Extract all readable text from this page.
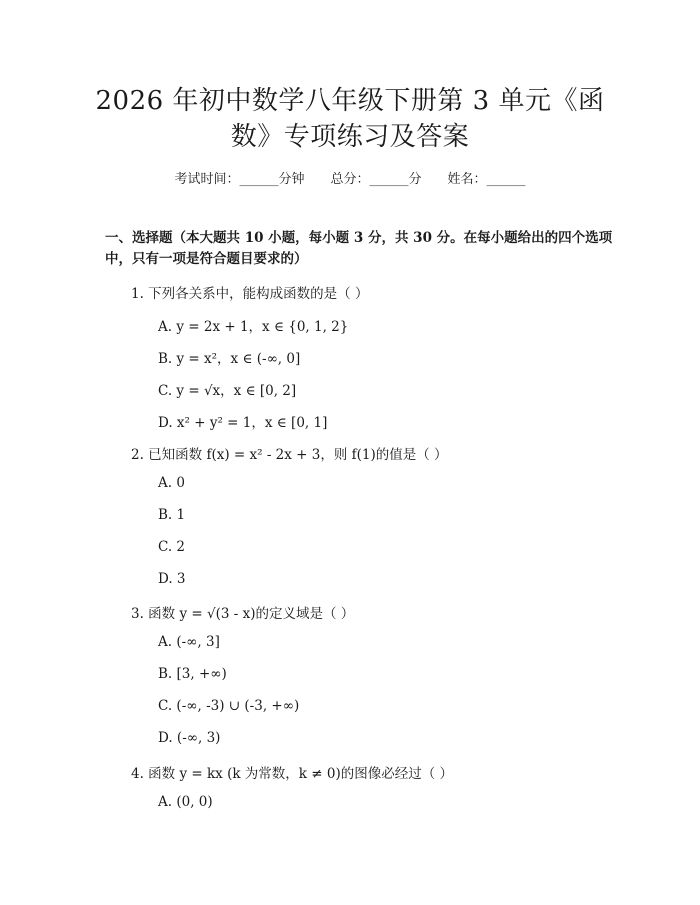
2026 年初中数学八年级下册第 3 单元《函
数》专项练习及答案
考试时间：______分钟 总分：______分 姓名：______
一、选择题（本大题共 10 小题，每小题 3 分，共 30 分。在每小题给出的四个选项中，只有一项是符合题目要求的）
1. 下列各关系中，能构成函数的是（ ）
A. y = 2x + 1，x ∈ {0, 1, 2}
B. y = x²，x ∈ (-∞, 0]
C. y = √x，x ∈ [0, 2]
D. x² + y² = 1，x ∈ [0, 1]
2. 已知函数 f(x) = x² - 2x + 3，则 f(1)的值是（ ）
A. 0
B. 1
C. 2
D. 3
3. 函数 y = √(3 - x)的定义域是（ ）
A. (-∞, 3]
B. [3, +∞)
C. (-∞, -3) ∪ (-3, +∞)
D. (-∞, 3)
4. 函数 y = kx (k 为常数，k ≠ 0)的图像必经过（ ）
A. (0, 0)
